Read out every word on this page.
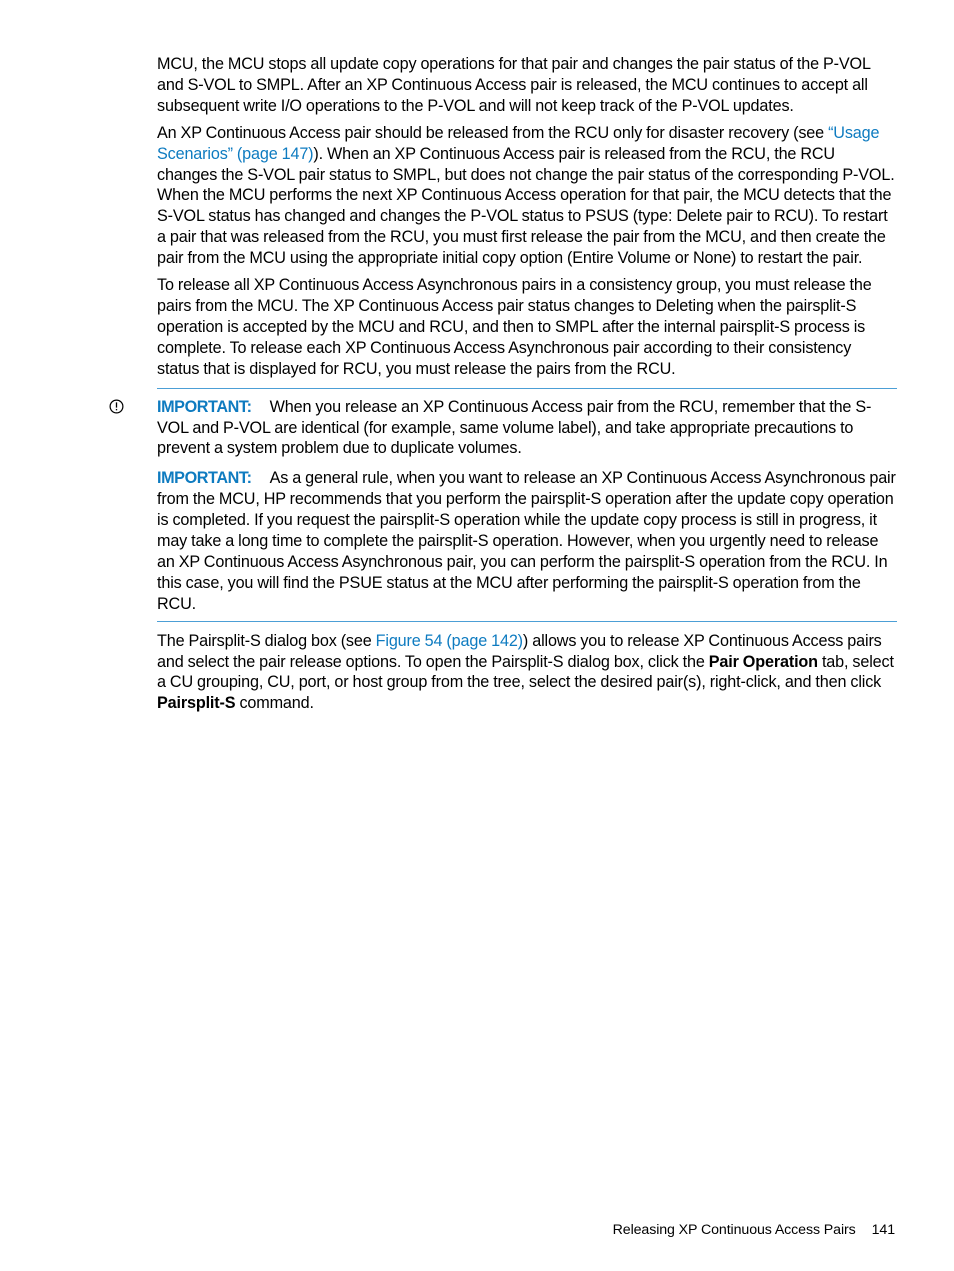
MCU, the MCU stops all update copy operations for that pair and changes the pair status of the P-VOL and S-VOL to SMPL. After an XP Continuous Access pair is released, the MCU continues to accept all subsequent write I/O operations to the P-VOL and will not keep track of the P-VOL updates.

An XP Continuous Access pair should be released from the RCU only for disaster recovery (see “Usage Scenarios” (page 147)). When an XP Continuous Access pair is released from the RCU, the RCU changes the S-VOL pair status to SMPL, but does not change the pair status of the corresponding P-VOL. When the MCU performs the next XP Continuous Access operation for that pair, the MCU detects that the S-VOL status has changed and changes the P-VOL status to PSUS (type: Delete pair to RCU). To restart a pair that was released from the RCU, you must first release the pair from the MCU, and then create the pair from the MCU using the appropriate initial copy option (Entire Volume or None) to restart the pair.

To release all XP Continuous Access Asynchronous pairs in a consistency group, you must release the pairs from the MCU. The XP Continuous Access pair status changes to Deleting when the pairsplit-S operation is accepted by the MCU and RCU, and then to SMPL after the internal pairsplit-S process is complete. To release each XP Continuous Access Asynchronous pair according to their consistency status that is displayed for RCU, you must release the pairs from the RCU.

IMPORTANT: When you release an XP Continuous Access pair from the RCU, remember that the S-VOL and P-VOL are identical (for example, same volume label), and take appropriate precautions to prevent a system problem due to duplicate volumes.

IMPORTANT: As a general rule, when you want to release an XP Continuous Access Asynchronous pair from the MCU, HP recommends that you perform the pairsplit-S operation after the update copy operation is completed. If you request the pairsplit-S operation while the update copy process is still in progress, it may take a long time to complete the pairsplit-S operation. However, when you urgently need to release an XP Continuous Access Asynchronous pair, you can perform the pairsplit-S operation from the RCU. In this case, you will find the PSUE status at the MCU after performing the pairsplit-S operation from the RCU.

The Pairsplit-S dialog box (see Figure 54 (page 142)) allows you to release XP Continuous Access pairs and select the pair release options. To open the Pairsplit-S dialog box, click the Pair Operation tab, select a CU grouping, CU, port, or host group from the tree, select the desired pair(s), right-click, and then click Pairsplit-S command.

Releasing XP Continuous Access Pairs 141
